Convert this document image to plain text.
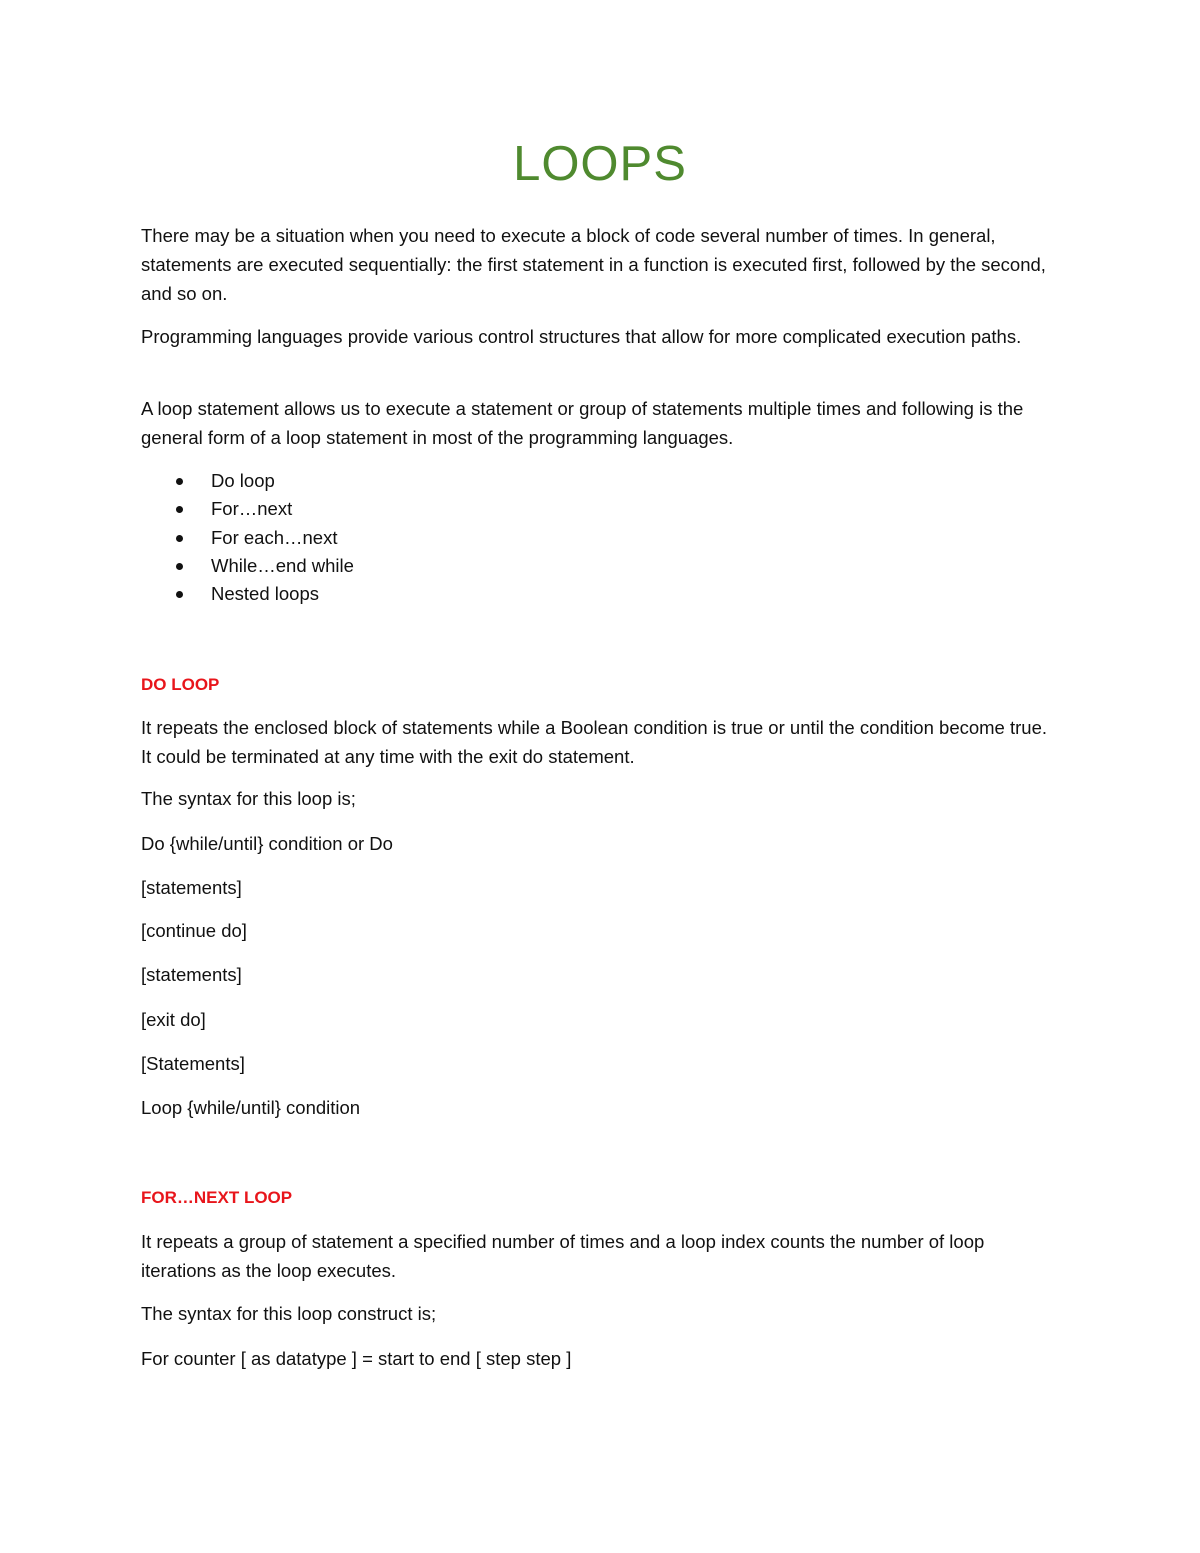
LOOPS

There may be a situation when you need to execute a block of code several number of times. In general, statements are executed sequentially: the first statement in a function is executed first, followed by the second, and so on.

Programming languages provide various control structures that allow for more complicated execution paths.

A loop statement allows us to execute a statement or group of statements multiple times and following is the general form of a loop statement in most of the programming languages.

Do loop
For…next
For each…next
While…end while
Nested loops
DO LOOP

It repeats the enclosed block of statements while a Boolean condition is true or until the condition become true. It could be terminated at any time with the exit do statement.

The syntax for this loop is;
Do {while/until} condition or Do
[statements]
[continue do]
[statements]
[exit do]
[Statements]
Loop {while/until} condition
FOR…NEXT LOOP

It repeats a group of statement a specified number of times and a loop index counts the number of loop iterations as the loop executes.

The syntax for this loop construct is;
For counter [ as datatype ] = start to end [ step step ]
